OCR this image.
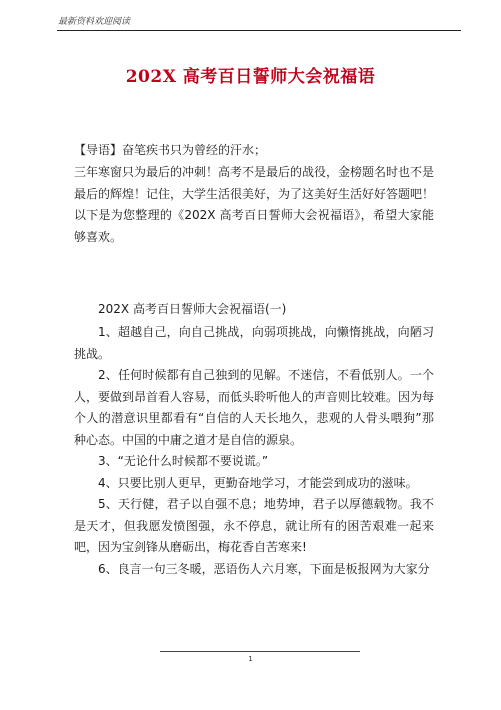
最新资料欢迎阅读
202X 高考百日誓师大会祝福语

【导语】奋笔疾书只为曾经的汗水；

三年寒窗只为最后的冲刺！高考不是最后的战役，金榜题名时也不是最后的辉煌！记住，大学生活很美好，为了这美好生活好好答题吧！以下是为您整理的《202X 高考百日誓师大会祝福语》，希望大家能够喜欢。

202X 高考百日誓师大会祝福语(一)

1、超越自己，向自己挑战，向弱项挑战，向懒惰挑战，向陋习挑战。

2、任何时候都有自己独到的见解。不迷信，不看低别人。一个人，要做到昂首看人容易，而低头聆听他人的声音则比较难。因为每个人的潜意识里都看有“自信的人天长地久，悲观的人骨头喂狗”那种心态。中国的中庸之道才是自信的源泉。

3、“无论什么时候都不要说谎。”

4、只要比别人更早，更勤奋地学习，才能尝到成功的滋味。

5、天行健，君子以自强不息；地势坤，君子以厚德载物。我不是天才，但我愿发愤图强，永不停息，就让所有的困苦艰难一起来吧，因为宝剑锋从磨砺出，梅花香自苦寒来!

6、良言一句三冬暖，恶语伤人六月寒，下面是板报网为大家分

1
